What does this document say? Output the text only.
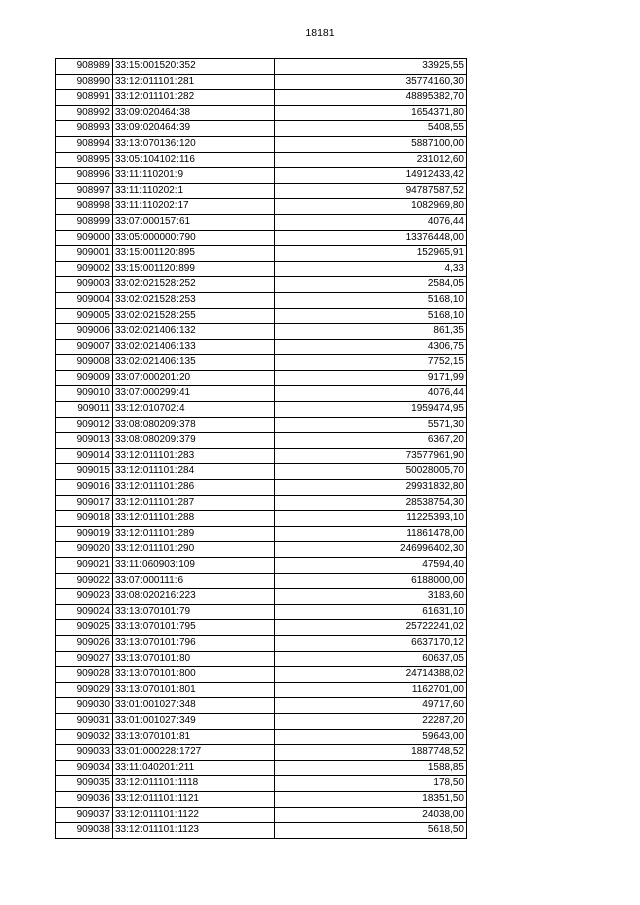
18181
908989	33:15:001520:352	33925,55
908990	33:12:011101:281	35774160,30
908991	33:12:011101:282	48895382,70
908992	33:09:020464:38	1654371,80
908993	33:09:020464:39	5408,55
908994	33:13:070136:120	5887100,00
908995	33:05:104102:116	231012,60
908996	33:11:110201:9	14912433,42
908997	33:11:110202:1	94787587,52
908998	33:11:110202:17	1082969,80
908999	33:07:000157:61	4076,44
909000	33:05:000000:790	13376448,00
909001	33:15:001120:895	152965,91
909002	33:15:001120:899	4,33
909003	33:02:021528:252	2584,05
909004	33:02:021528:253	5168,10
909005	33:02:021528:255	5168,10
909006	33:02:021406:132	861,35
909007	33:02:021406:133	4306,75
909008	33:02:021406:135	7752,15
909009	33:07:000201:20	9171,99
909010	33:07:000299:41	4076,44
909011	33:12:010702:4	1959474,95
909012	33:08:080209:378	5571,30
909013	33:08:080209:379	6367,20
909014	33:12:011101:283	73577961,90
909015	33:12:011101:284	50028005,70
909016	33:12:011101:286	29931832,80
909017	33:12:011101:287	28538754,30
909018	33:12:011101:288	11225393,10
909019	33:12:011101:289	11861478,00
909020	33:12:011101:290	246996402,30
909021	33:11:060903:109	47594,40
909022	33:07:000111:6	6188000,00
909023	33:08:020216:223	3183,60
909024	33:13:070101:79	61631,10
909025	33:13:070101:795	25722241,02
909026	33:13:070101:796	6637170,12
909027	33:13:070101:80	60637,05
909028	33:13:070101:800	24714388,02
909029	33:13:070101:801	1162701,00
909030	33:01:001027:348	49717,60
909031	33:01:001027:349	22287,20
909032	33:13:070101:81	59643,00
909033	33:01:000228:1727	1887748,52
909034	33:11:040201:211	1588,85
909035	33:12:011101:1118	178,50
909036	33:12:011101:1121	18351,50
909037	33:12:011101:1122	24038,00
909038	33:12:011101:1123	5618,50
